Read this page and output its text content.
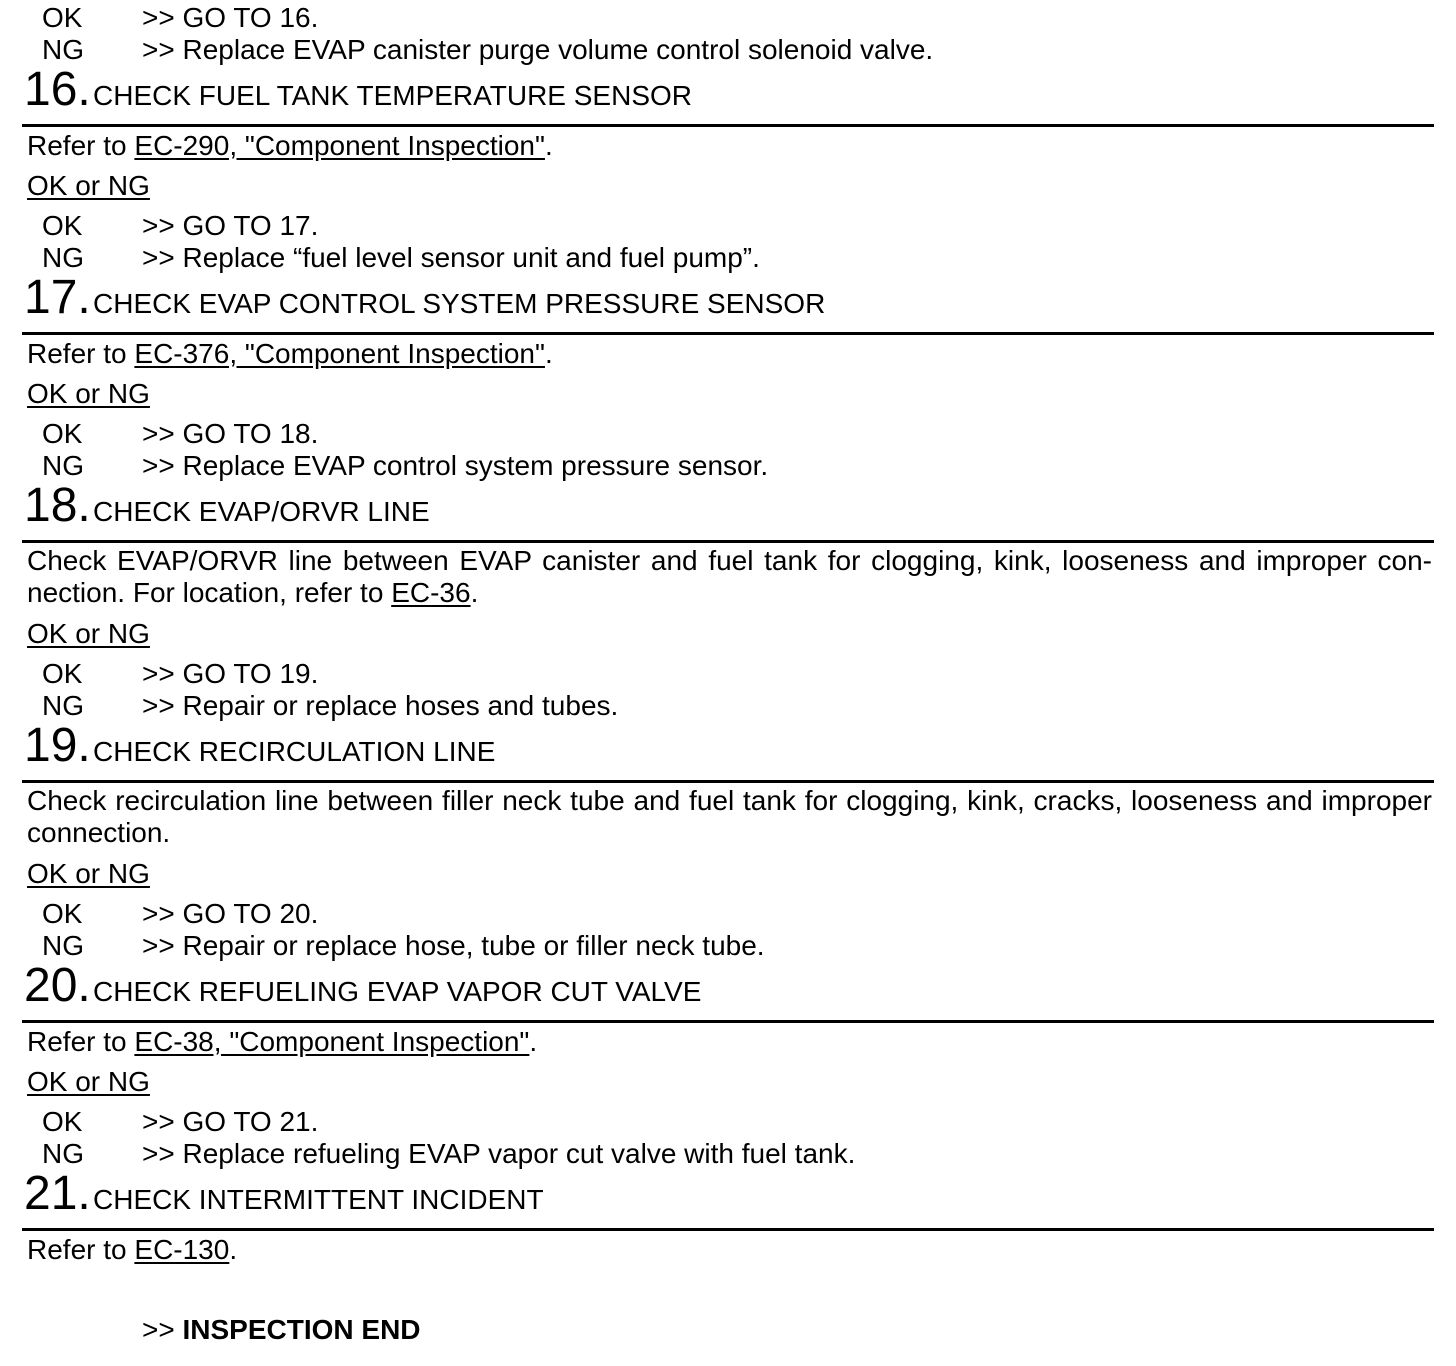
OK >> GO TO 16.
NG >> Replace EVAP canister purge volume control solenoid valve.
16. CHECK FUEL TANK TEMPERATURE SENSOR
Refer to EC-290, "Component Inspection".
OK or NG
OK >> GO TO 17.
NG >> Replace “fuel level sensor unit and fuel pump”.
17. CHECK EVAP CONTROL SYSTEM PRESSURE SENSOR
Refer to EC-376, "Component Inspection".
OK or NG
OK >> GO TO 18.
NG >> Replace EVAP control system pressure sensor.
18. CHECK EVAP/ORVR LINE
Check EVAP/ORVR line between EVAP canister and fuel tank for clogging, kink, looseness and improper con-nection. For location, refer to EC-36.
OK or NG
OK >> GO TO 19.
NG >> Repair or replace hoses and tubes.
19. CHECK RECIRCULATION LINE
Check recirculation line between filler neck tube and fuel tank for clogging, kink, cracks, looseness and improper connection.
OK or NG
OK >> GO TO 20.
NG >> Repair or replace hose, tube or filler neck tube.
20. CHECK REFUELING EVAP VAPOR CUT VALVE
Refer to EC-38, "Component Inspection".
OK or NG
OK >> GO TO 21.
NG >> Replace refueling EVAP vapor cut valve with fuel tank.
21. CHECK INTERMITTENT INCIDENT
Refer to EC-130.
>> INSPECTION END
